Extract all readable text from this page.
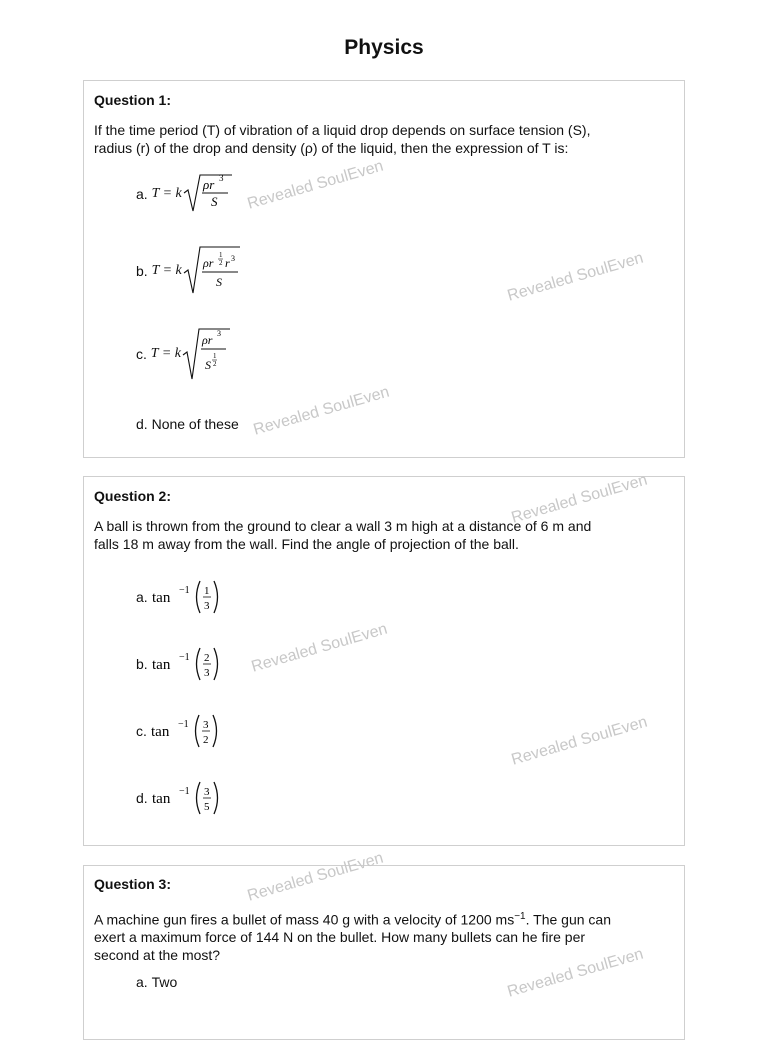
Physics
Question 1:
If the time period (T) of vibration of a liquid drop depends on surface tension (S),
radius (r) of the drop and density (ρ) of the liquid, then the expression of T is:
a.
T = k
ρr 3
S
b.
T = k ρr
1
2 r 3
S
c.
T = k
ρr 3
S
1
2
d.
None of these
Question 2:
A ball is thrown from the ground to clear a wall 3 m high at a distance of 6 m and
falls 18 m away from the wall. Find the angle of projection of the ball.
a.
tan −1 1
3
b.
tan −1 2
3
c.
tan −1 3
2
d.
tan −1 3
5
Question 3:
A machine gun fires a bullet of mass 40 g with a velocity of 1200 $ms^{-1}$. The gun can
exert a maximum force of 144 N on the bullet. How many bullets can he fire per
second at the most?
a.
Two
Revealed SoulEven
Revealed SoulEven
Revealed SoulEven
Revealed SoulEven
Revealed SoulEven
Revealed SoulEven
Revealed SoulEven
Revealed SoulEven
